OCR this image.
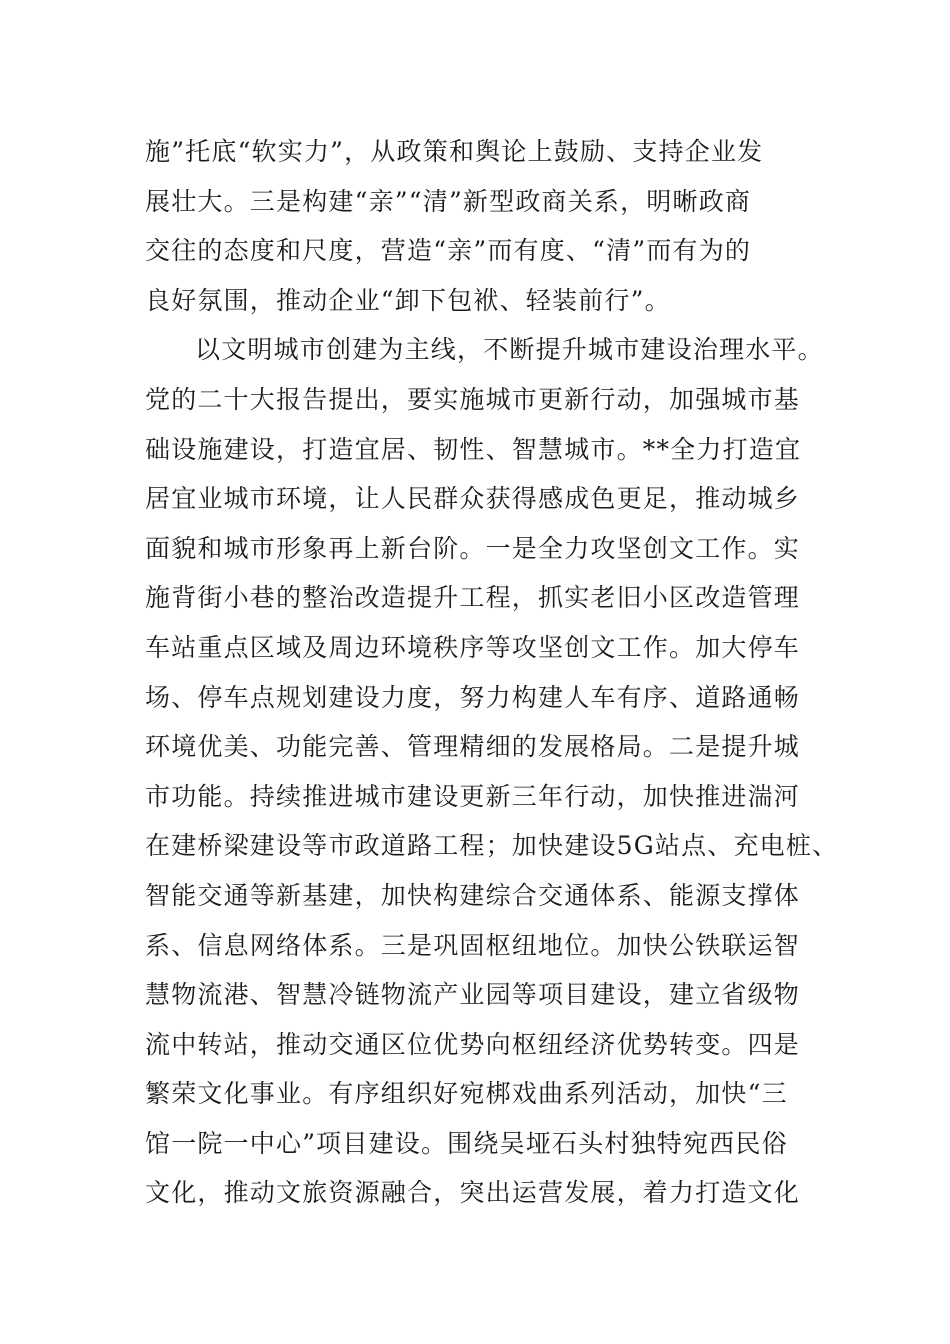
施”托底“软实力”，从政策和舆论上鼓励、支持企业发
展壮大。三是构建“亲”“清”新型政商关系，明晰政商
交往的态度和尺度，营造“亲”而有度、“清”而有为的
良好氛围，推动企业“卸下包袱、轻装前行”。
以文明城市创建为主线，不断提升城市建设治理水平。
党的二十大报告提出，要实施城市更新行动，加强城市基
础设施建设，打造宜居、韧性、智慧城市。**全力打造宜
居宜业城市环境，让人民群众获得感成色更足，推动城乡
面貌和城市形象再上新台阶。一是全力攻坚创文工作。实
施背街小巷的整治改造提升工程，抓实老旧小区改造管理
车站重点区域及周边环境秩序等攻坚创文工作。加大停车
场、停车点规划建设力度，努力构建人车有序、道路通畅
环境优美、功能完善、管理精细的发展格局。二是提升城
市功能。持续推进城市建设更新三年行动，加快推进湍河
在建桥梁建设等市政道路工程；加快建设5G站点、充电桩、
智能交通等新基建，加快构建综合交通体系、能源支撑体
系、信息网络体系。三是巩固枢纽地位。加快公铁联运智
慧物流港、智慧冷链物流产业园等项目建设，建立省级物
流中转站，推动交通区位优势向枢纽经济优势转变。四是
繁荣文化事业。有序组织好宛梆戏曲系列活动，加快“三
馆一院一中心”项目建设。围绕吴垭石头村独特宛西民俗
文化，推动文旅资源融合，突出运营发展，着力打造文化
